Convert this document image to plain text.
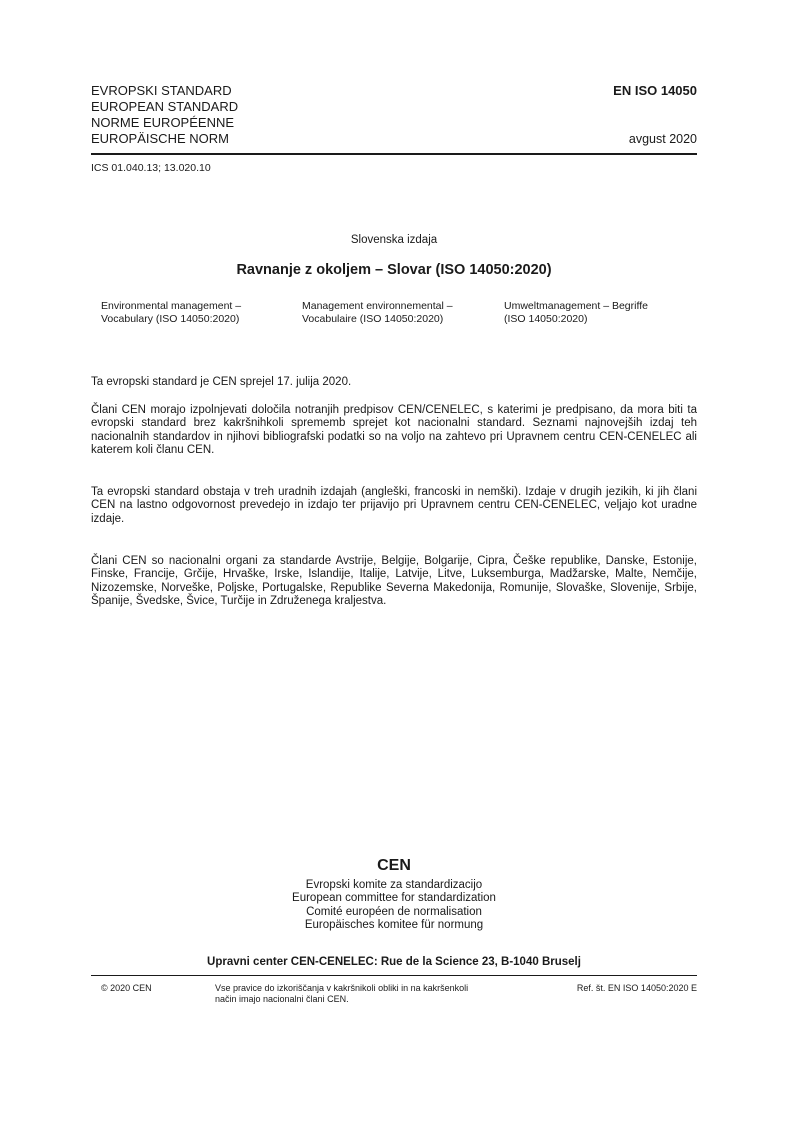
EVROPSKI STANDARD
EUROPEAN STANDARD
NORME EUROPÉENNE
EUROPÄISCHE NORM
EN ISO 14050
avgust 2020
ICS 01.040.13; 13.020.10
Slovenska izdaja
Ravnanje z okoljem – Slovar (ISO 14050:2020)
Environmental management –
Vocabulary (ISO 14050:2020)
Management environnemental –
Vocabulaire (ISO 14050:2020)
Umweltmanagement – Begriffe
(ISO 14050:2020)
Ta evropski standard je CEN sprejel 17. julija 2020.
Člani CEN morajo izpolnjevati določila notranjih predpisov CEN/CENELEC, s katerimi je predpisano, da mora biti ta evropski standard brez kakršnihkoli sprememb sprejet kot nacionalni standard. Seznami najnovejših izdaj teh nacionalnih standardov in njihovi bibliografski podatki so na voljo na zahtevo pri Upravnem centru CEN-CENELEC ali katerem koli članu CEN.
Ta evropski standard obstaja v treh uradnih izdajah (angleški, francoski in nemški). Izdaje v drugih jezikih, ki jih člani CEN na lastno odgovornost prevedejo in izdajo ter prijavijo pri Upravnem centru CEN-CENELEC, veljajo kot uradne izdaje.
Člani CEN so nacionalni organi za standarde Avstrije, Belgije, Bolgarije, Cipra, Češke republike, Danske, Estonije, Finske, Francije, Grčije, Hrvaške, Irske, Islandije, Italije, Latvije, Litve, Luksemburga, Madžarske, Malte, Nemčije, Nizozemske, Norveške, Poljske, Portugalske, Republike Severna Makedonija, Romunije, Slovaške, Slovenije, Srbije, Španije, Švedske, Švice, Turčije in Združenega kraljestva.
CEN
Evropski komite za standardizacijo
European committee for standardization
Comité européen de normalisation
Europäisches komitee für normung
Upravni center CEN-CENELEC: Rue de la Science 23, B-1040 Bruselj
© 2020 CEN	Vse pravice do izkoriščanja v kakršnikoli obliki in na kakršenkoli
način imajo nacionalni člani CEN.
Ref. št. EN ISO 14050:2020 E
